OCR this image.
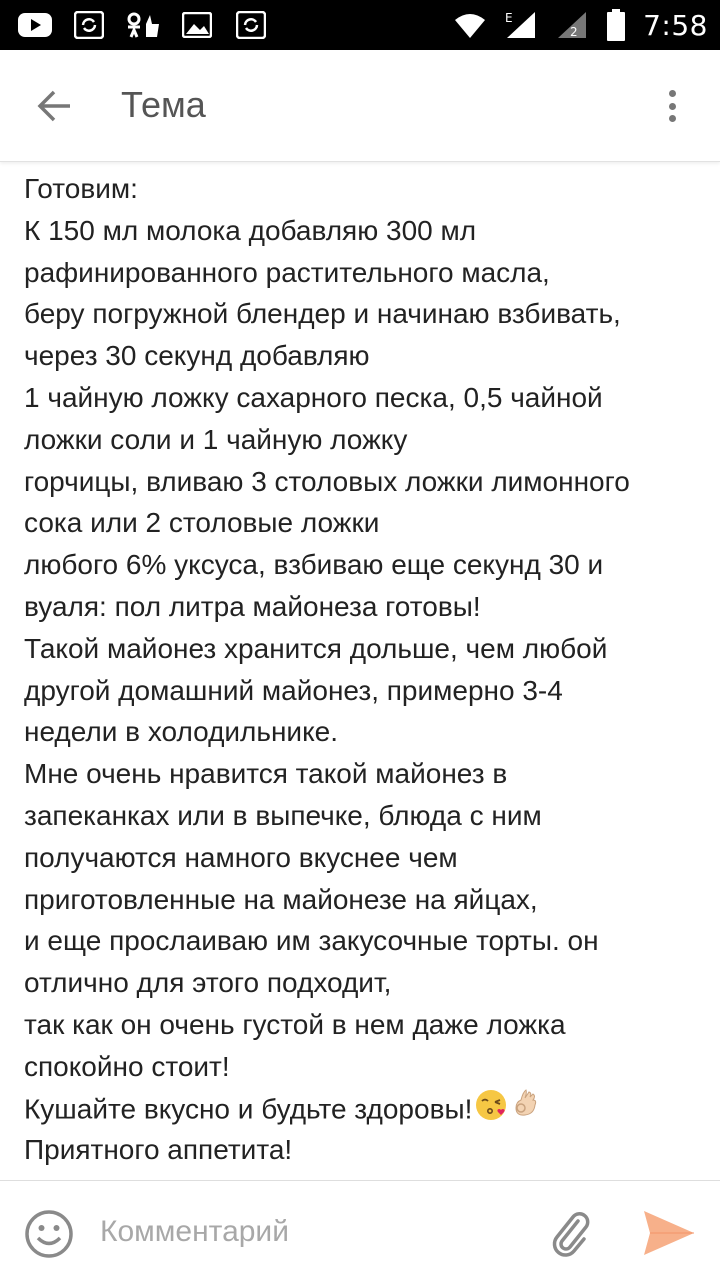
E
2 7:58
Тема
Готовим:
К 150 мл молока добавляю 300 мл
рафинированного растительного масла,
беру погружной блендер и начинаю взбивать,
через 30 секунд добавляю
1 чайную ложку сахарного песка, 0,5 чайной
ложки соли и 1 чайную ложку
горчицы, вливаю 3 столовых ложки лимонного
сока или 2 столовые ложки
любого 6% уксуса, взбиваю еще секунд 30 и
вуаля: пол литра майонеза готовы!
Такой майонез хранится дольше, чем любой
другой домашний майонез, примерно 3-4
недели в холодильнике.
Мне очень нравится такой майонез в
запеканках или в выпечке, блюда с ним
получаются намного вкуснее чем
приготовленные на майонезе на яйцах,
и еще прослаиваю им закусочные торты. он
отлично для этого подходит,
так как он очень густой в нем даже ложка
спокойно стоит!
Кушайте вкусно и будьте здоровы!
Приятного аппетита!
Комментарий
